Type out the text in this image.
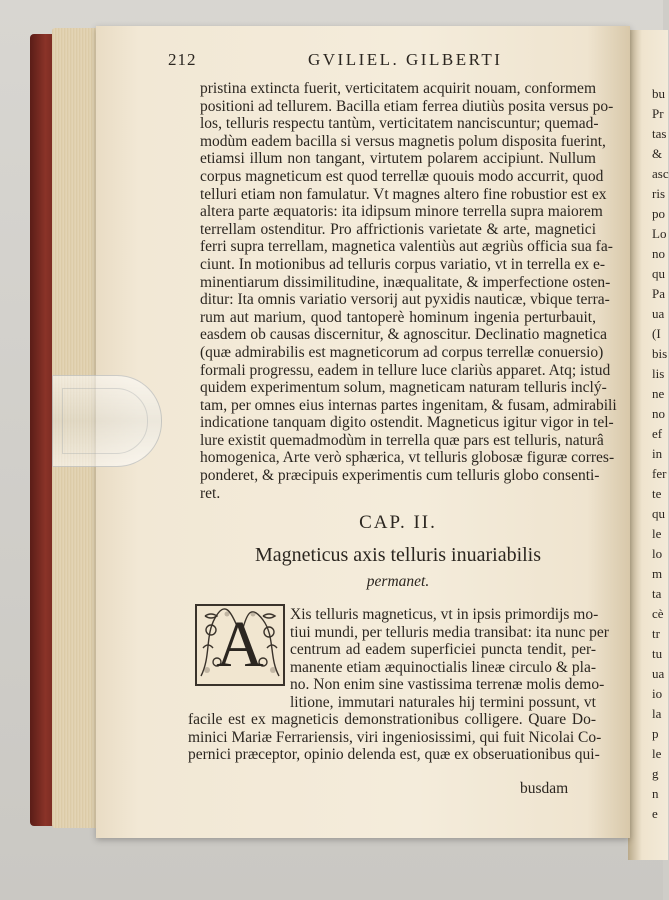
212	GVILIEL. GILBERTI
pristina extincta fuerit, verticitatem acquirit nouam, conformem
positioni ad tellurem. Bacilla etiam ferrea diutiùs posita versus po-
los, telluris respectu tantùm, verticitatem nanciscuntur; quemad-
modùm eadem bacilla si versus magnetis polum disposita fuerint,
etiamsi illum non tangant, virtutem polarem accipiunt. Nullum
corpus magneticum est quod terrellæ quouis modo accurrit, quod
telluri etiam non famulatur. Vt magnes altero fine robustior est ex
altera parte æquatoris: ita idipsum minore terrella supra maiorem
terrellam ostenditur. Pro affrictionis varietate & arte, magnetici
ferri supra terrellam, magnetica valentiùs aut ægriùs officia sua fa-
ciunt. In motionibus ad telluris corpus variatio, vt in terrella ex e-
minentiarum dissimilitudine, inæqualitate, & imperfectione osten-
ditur: Ita omnis variatio versorij aut pyxidis nauticæ, vbique terra-
rum aut marium, quod tantoperè hominum ingenia perturbauit,
easdem ob causas discernitur, & agnoscitur. Declinatio magnetica
(quæ admirabilis est magneticorum ad corpus terrellæ conuersio)
formali progressu, eadem in tellure luce clariùs apparet. Atq; istud
quidem experimentum solum, magneticam naturam telluris inclý-
tam, per omnes eius internas partes ingenitam, & fusam, admirabili
indicatione tanquam digito ostendit. Magneticus igitur vigor in tel-
lure existit quemadmodùm in terrella quæ pars est telluris, naturâ
homogenica, Arte verò sphærica, vt telluris globosæ figuræ corres-
ponderet, & præcipuis experimentis cum telluris globo consenti-
ret.
CAP. II.
Magneticus axis telluris inuariabilis
permanet.
A	Xis telluris magneticus, vt in ipsis primordijs mo-
tiui mundi, per telluris media transibat: ita nunc per
centrum ad eadem superficiei puncta tendit, per-
manente etiam æquinoctialis lineæ circulo & pla-
no. Non enim sine vastissima terrenæ molis demo-
litione, immutari naturales hij termini possunt, vt
facile est ex magneticis demonstrationibus colligere. Quare Do-
minici Mariæ Ferrariensis, viri ingeniosissimi, qui fuit Nicolai Co-
pernici præceptor, opinio delenda est, quæ ex obseruationibus qui-
busdam
bu
Pr
tas
&
asc
ris
po
Lo
no
qu
Pa
ua
(I
bis
lis
ne
no
ef
in
fer
te
qu
le
lo
m
ta
cè
tr
tu
ua
io
la
p
le
g
n
e
